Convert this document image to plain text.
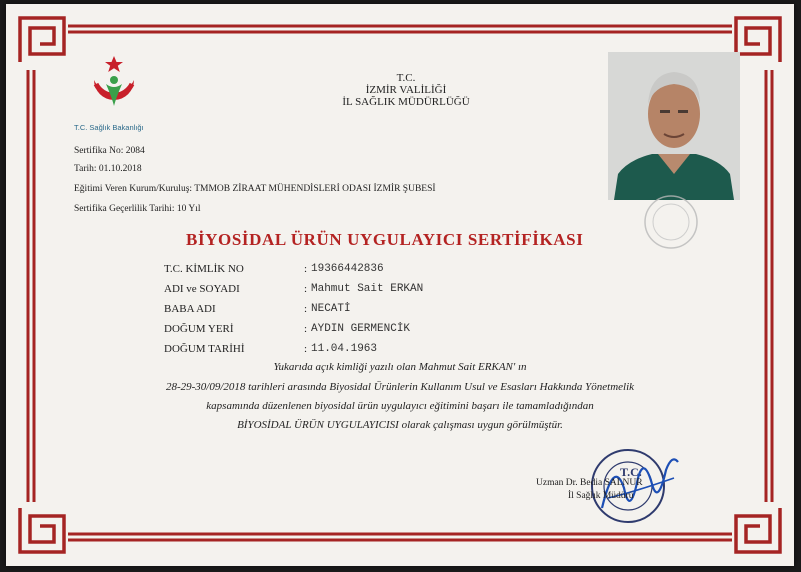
T.C. Sağlık Bakanlığı
T.C.
İZMİR VALİLİĞİ
İL SAĞLIK MÜDÜRLÜĞÜ
Sertifika No: 2084
Tarih: 01.10.2018
Eğitimi Veren Kurum/Kuruluş: TMMOB ZİRAAT MÜHENDİSLERİ ODASI İZMİR ŞUBESİ
Sertifika Geçerlilik Tarihi: 10 Yıl
BİYOSİDAL ÜRÜN UYGULAYICI SERTİFİKASI
T.C. KİMLİK NO	: 19366442836
ADI ve SOYADI	: Mahmut Sait ERKAN
BABA ADI	: NECATİ
DOĞUM YERİ	: AYDIN GERMENCİK
DOĞUM TARİHİ	: 11.04.1963
Yukarıda açık kimliği yazılı olan Mahmut Sait ERKAN' ın
28-29-30/09/2018 tarihleri arasında Biyosidal Ürünlerin Kullanım Usul ve Esasları Hakkında Yönetmelik
kapsamında düzenlenen biyosidal ürün uygulayıcı eğitimini başarı ile tamamladığından
BİYOSİDAL ÜRÜN UYGULAYICISI olarak çalışması uygun görülmüştür.
T.C.
Uzman Dr. Bedia SALNUR
İl Sağlık Müdürü
